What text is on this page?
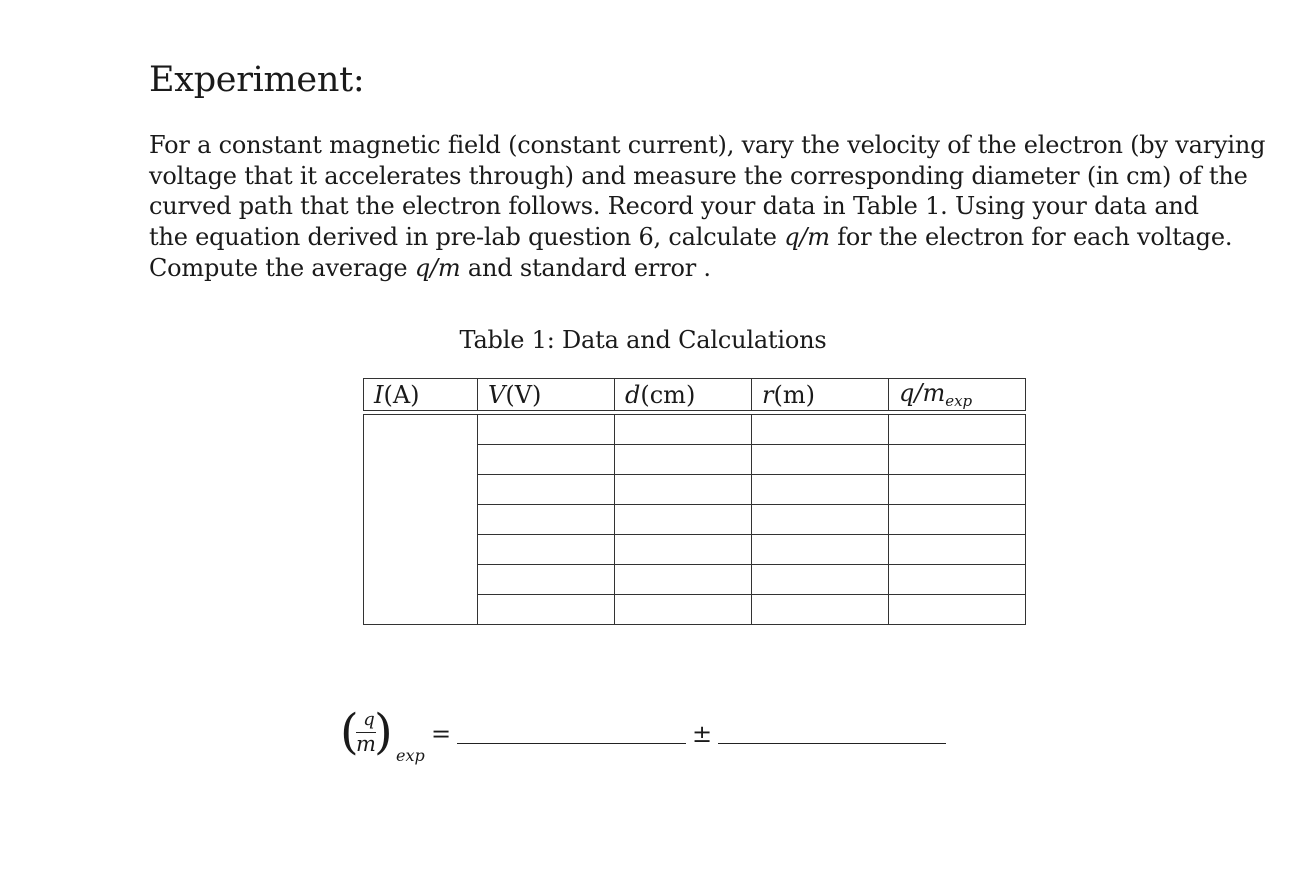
Experiment:
For a constant magnetic field (constant current), vary the velocity of the electron (by varying
voltage that it accelerates through) and measure the corresponding diameter (in cm) of the
curved path that the electron follows. Record your data in Table 1. Using your data and
the equation derived in pre-lab question 6, calculate q/m for the electron for each voltage.
Compute the average q/m and standard error .
Table 1: Data and Calculations
I(A)	V(V)	d(cm)	r(m)	$q/m_{exp}$

( q
m
) exp
=	±
